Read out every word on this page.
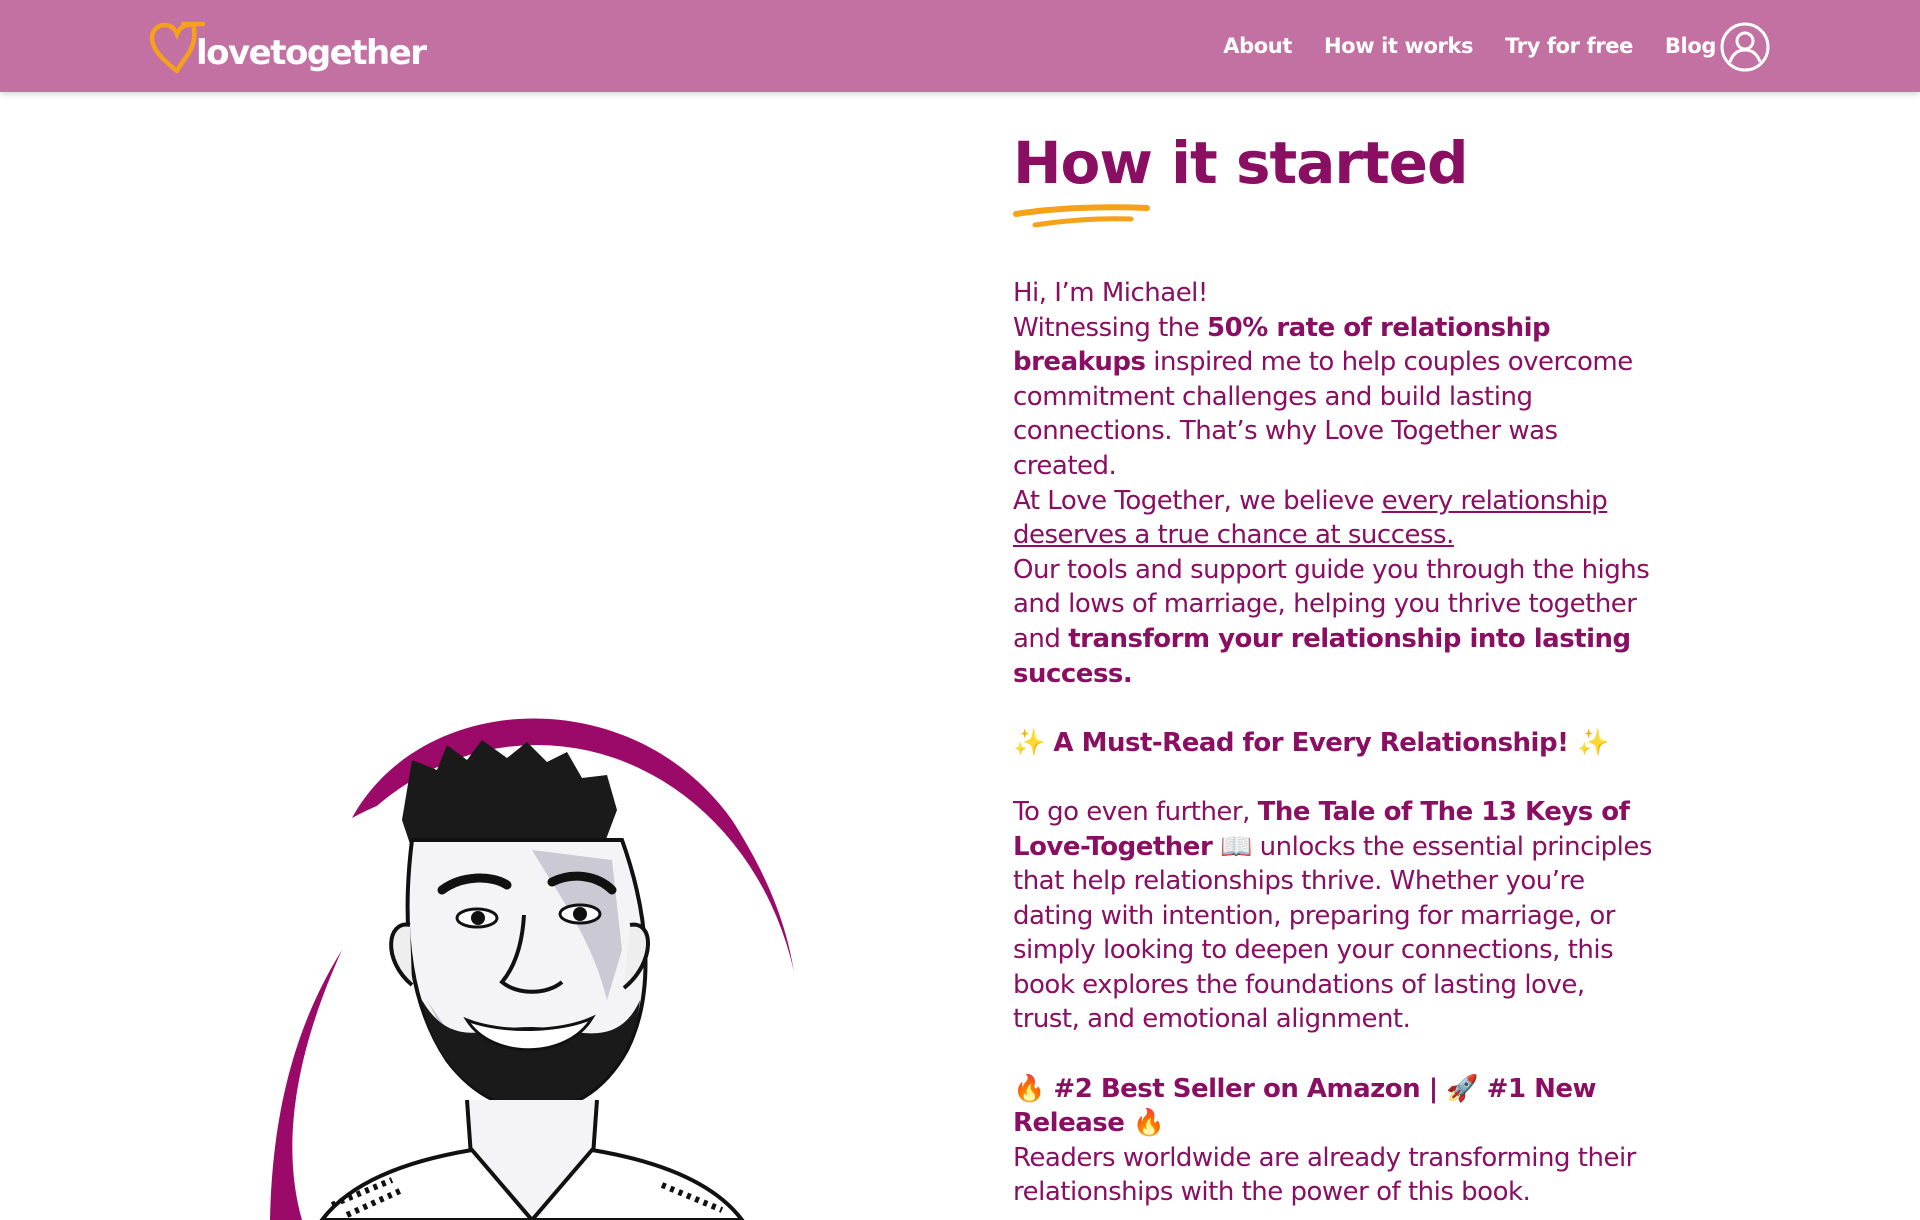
lovetogether	About How it works Try for free Blog
How it started

Hi, I’m Michael!

Witnessing the 50% rate of relationship breakups inspired me to help couples overcome commitment challenges and build lasting connections. That’s why Love Together was created.

At Love Together, we believe every relationship deserves a true chance at success.

Our tools and support guide you through the highs and lows of marriage, helping you thrive together and transform your relationship into lasting success.

✨ A Must-Read for Every Relationship! ✨

To go even further, The Tale of The 13 Keys of Love-Together 📖 unlocks the essential principles that help relationships thrive. Whether you’re dating with intention, preparing for marriage, or simply looking to deepen your connections, this book explores the foundations of lasting love, trust, and emotional alignment.

🔥 #2 Best Seller on Amazon | 🚀 #1 New Release 🔥

Readers worldwide are already transforming their relationships with the power of this book.
